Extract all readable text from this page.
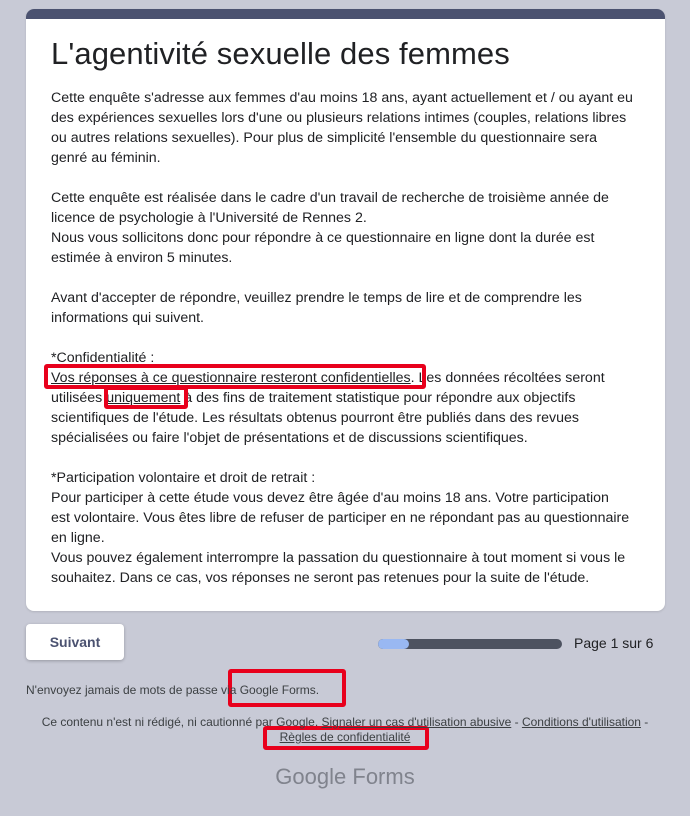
L'agentivité sexuelle des femmes
Cette enquête s'adresse aux femmes d'au moins 18 ans, ayant actuellement et / ou ayant eu
des expériences sexuelles lors d'une ou plusieurs relations intimes (couples, relations libres
ou autres relations sexuelles). Pour plus de simplicité l'ensemble du questionnaire sera
genré au féminin.
Cette enquête est réalisée dans le cadre d'un travail de recherche de troisième année de
licence de psychologie à l'Université de Rennes 2.
Nous vous sollicitons donc pour répondre à ce questionnaire en ligne dont la durée est
estimée à environ 5 minutes.
Avant d'accepter de répondre, veuillez prendre le temps de lire et de comprendre les
informations qui suivent.
*Confidentialité :
Vos réponses à ce questionnaire resteront confidentielles. Les données récoltées seront
utilisées uniquement à des fins de traitement statistique pour répondre aux objectifs
scientifiques de l'étude. Les résultats obtenus pourront être publiés dans des revues
spécialisées ou faire l'objet de présentations et de discussions scientifiques.
*Participation volontaire et droit de retrait :
Pour participer à cette étude vous devez être âgée d'au moins 18 ans. Votre participation
est volontaire. Vous êtes libre de refuser de participer en ne répondant pas au questionnaire
en ligne.
Vous pouvez également interrompre la passation du questionnaire à tout moment si vous le
souhaitez. Dans ce cas, vos réponses ne seront pas retenues pour la suite de l'étude.
Suivant	Page 1 sur 6
N'envoyez jamais de mots de passe via Google Forms.
Ce contenu n'est ni rédigé, ni cautionné par Google. Signaler un cas d'utilisation abusive - Conditions d'utilisation -
Règles de confidentialité
Google Forms
